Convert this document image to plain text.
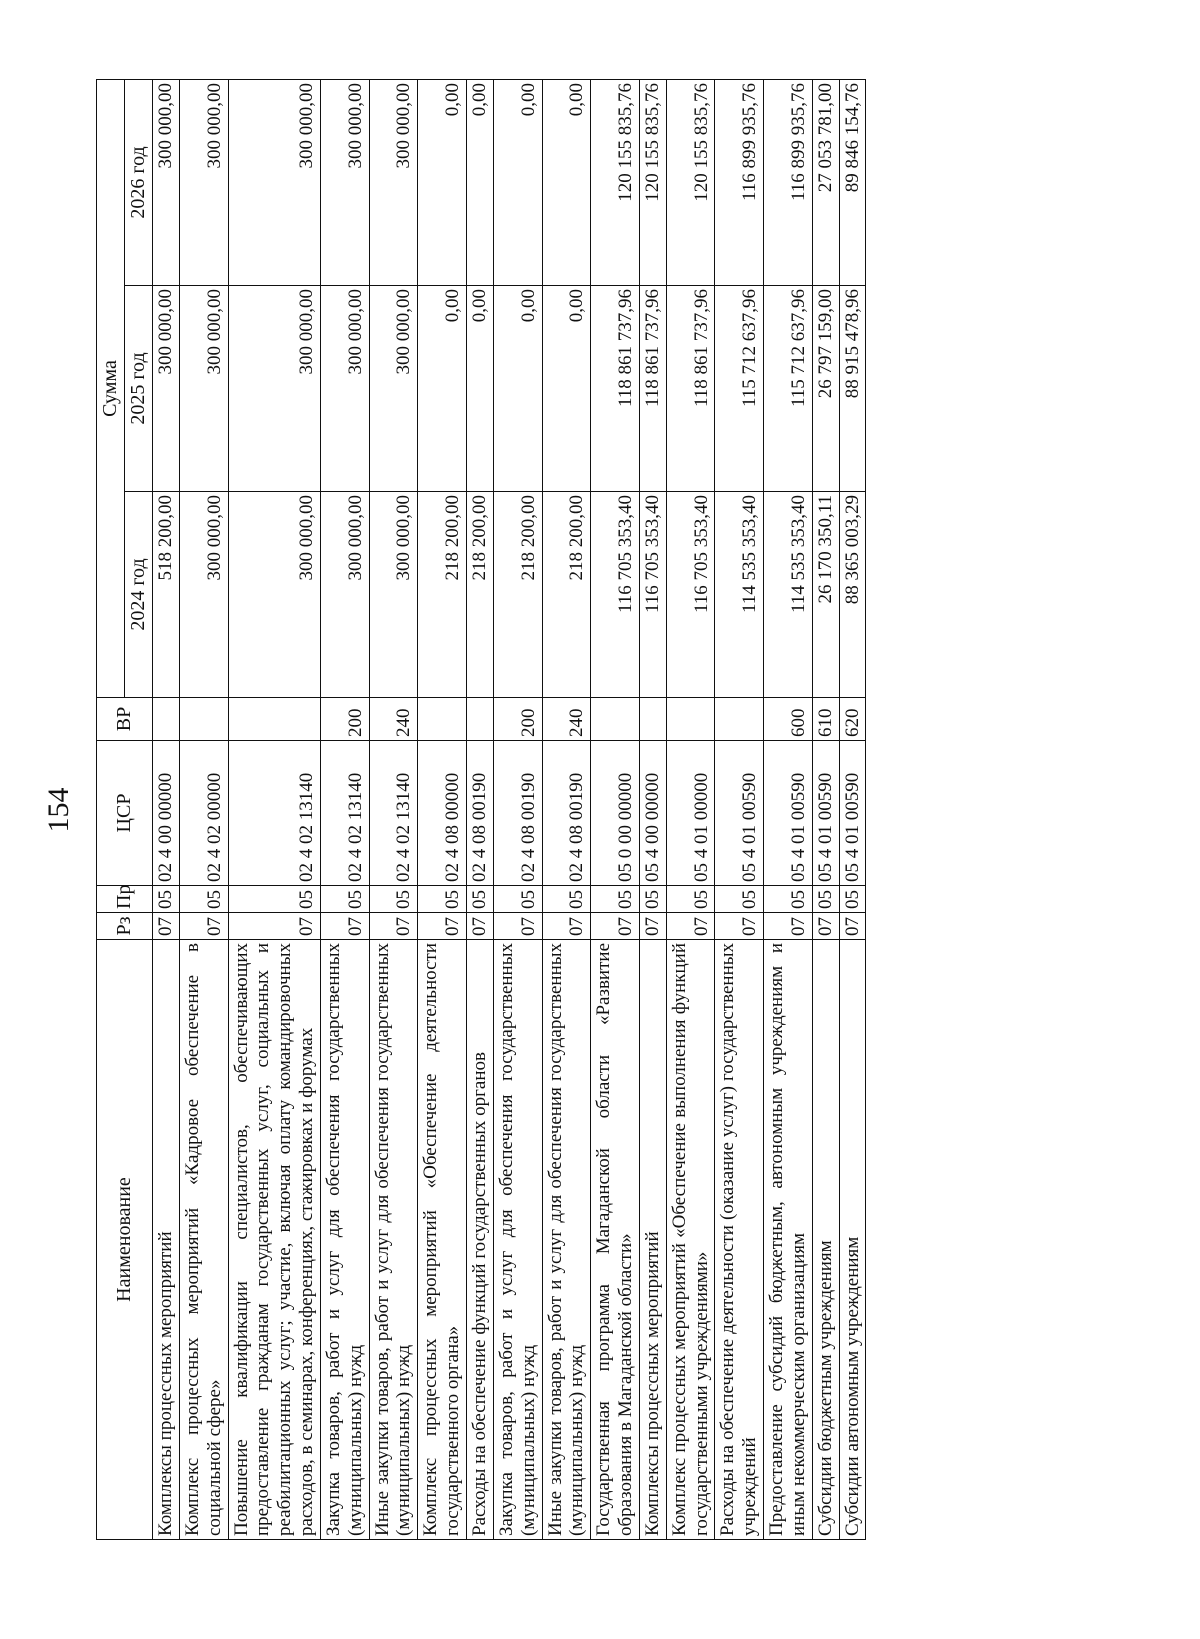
154
Наименование	Рз	Пр	ЦСР	ВР	Сумма		
					2024 год	2025 год	2026 год
Комплексы процессных мероприятий	07	05	02 4 00 00000		518 200,00	300 000,00	300 000,00
Комплекс процессных мероприятий «Кадровое обеспечение в социальной сфере»	07	05	02 4 02 00000		300 000,00	300 000,00	300 000,00
Повышение квалификации специалистов, обеспечивающих предоставление гражданам государственных услуг, социальных и реабилитационных услуг; участие, включая оплату командировочных расходов, в семинарах, конференциях, стажировках и форумах	07	05	02 4 02 13140		300 000,00	300 000,00	300 000,00
Закупка товаров, работ и услуг для обеспечения государственных (муниципальных) нужд	07	05	02 4 02 13140	200	300 000,00	300 000,00	300 000,00
Иные закупки товаров, работ и услуг для обеспечения государственных (муниципальных) нужд	07	05	02 4 02 13140	240	300 000,00	300 000,00	300 000,00
Комплекс процессных мероприятий «Обеспечение деятельности государственного органа»	07	05	02 4 08 00000		218 200,00	0,00	0,00
Расходы на обеспечение функций государственных органов	07	05	02 4 08 00190		218 200,00	0,00	0,00
Закупка товаров, работ и услуг для обеспечения государственных (муниципальных) нужд	07	05	02 4 08 00190	200	218 200,00	0,00	0,00
Иные закупки товаров, работ и услуг для обеспечения государственных (муниципальных) нужд	07	05	02 4 08 00190	240	218 200,00	0,00	0,00
Государственная программа Магаданской области «Развитие образования в Магаданской области»	07	05	05 0 00 00000		116 705 353,40	118 861 737,96	120 155 835,76
Комплексы процессных мероприятий	07	05	05 4 00 00000		116 705 353,40	118 861 737,96	120 155 835,76
Комплекс процессных мероприятий «Обеспечение выполнения функций государственными учреждениями»	07	05	05 4 01 00000		116 705 353,40	118 861 737,96	120 155 835,76
Расходы на обеспечение деятельности (оказание услуг) государственных учреждений	07	05	05 4 01 00590		114 535 353,40	115 712 637,96	116 899 935,76
Предоставление субсидий бюджетным, автономным учреждениям и иным некоммерческим организациям	07	05	05 4 01 00590	600	114 535 353,40	115 712 637,96	116 899 935,76
Субсидии бюджетным учреждениям	07	05	05 4 01 00590	610	26 170 350,11	26 797 159,00	27 053 781,00
Субсидии автономным учреждениям	07	05	05 4 01 00590	620	88 365 003,29	88 915 478,96	89 846 154,76
